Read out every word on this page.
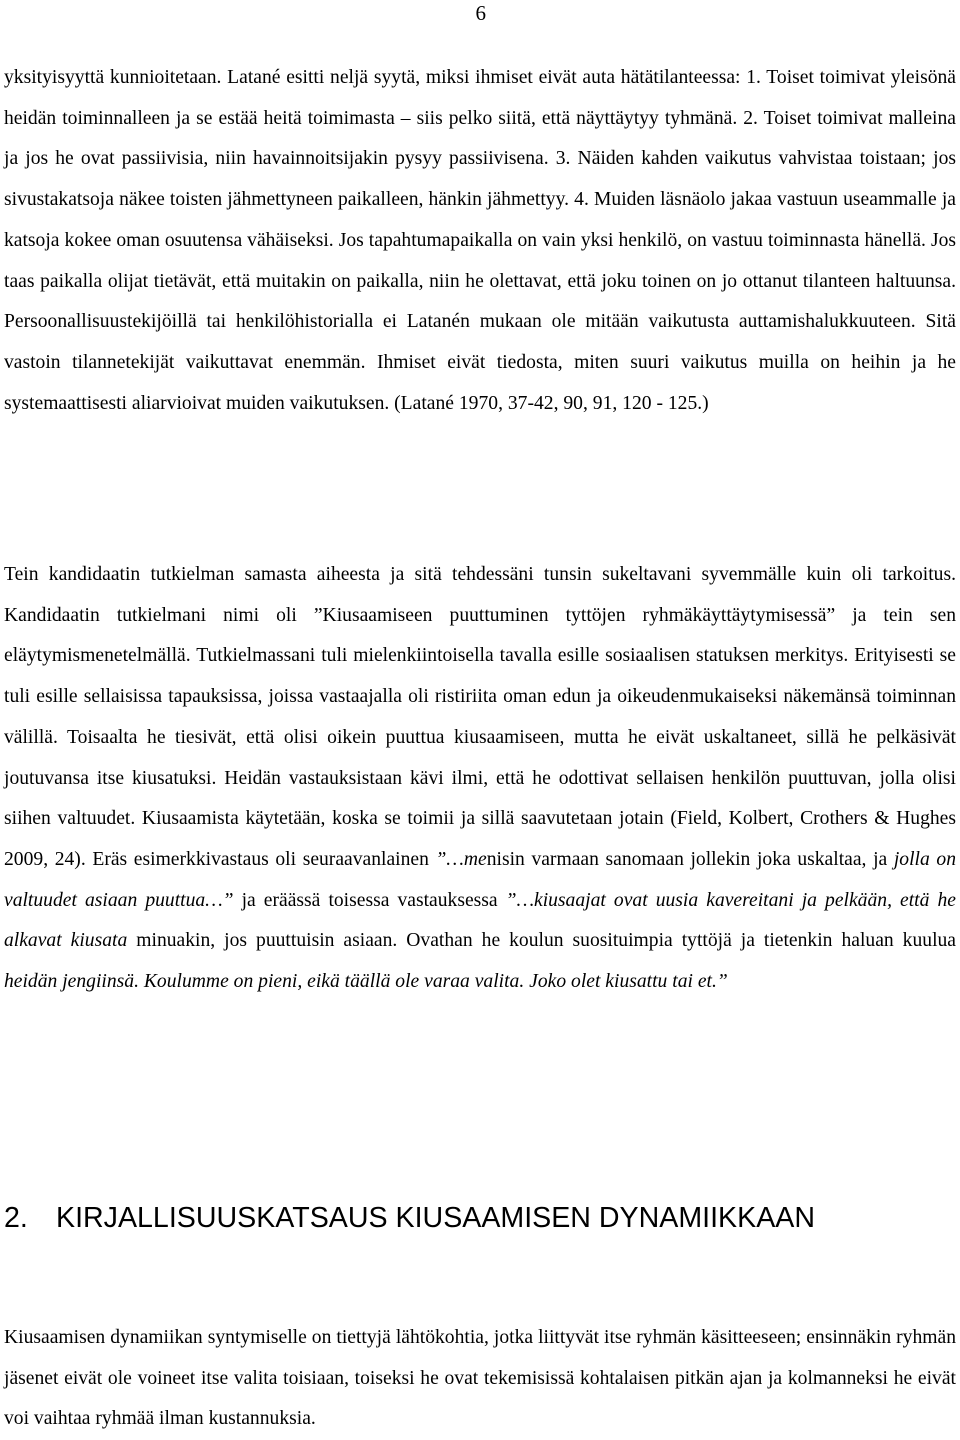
6

yksityisyyttä kunnioitetaan. Latané esitti neljä syytä, miksi ihmiset eivät auta hätätilanteessa: 1. Toiset toimivat yleisönä heidän toiminnalleen ja se estää heitä toimimasta – siis pelko siitä, että näyttäytyy tyhmänä. 2. Toiset toimivat malleina ja jos he ovat passiivisia, niin havainnoitsijakin pysyy passiivisena. 3. Näiden kahden vaikutus vahvistaa toistaan; jos sivustakatsoja näkee toisten jähmettyneen paikalleen, hänkin jähmettyy. 4. Muiden läsnäolo jakaa vastuun useammalle ja katsoja kokee oman osuutensa vähäiseksi. Jos tapahtumapaikalla on vain yksi henkilö, on vastuu toiminnasta hänellä. Jos taas paikalla olijat tietävät, että muitakin on paikalla, niin he olettavat, että joku toinen on jo ottanut tilanteen haltuunsa. Persoonallisuustekijöillä tai henkilöhistorialla ei Latanén mukaan ole mitään vaikutusta auttamishalukkuuteen. Sitä vastoin tilannetekijät vaikuttavat enemmän. Ihmiset eivät tiedosta, miten suuri vaikutus muilla on heihin ja he systemaattisesti aliarvioivat muiden vaikutuksen. (Latané 1970, 37-42, 90, 91, 120 - 125.)

Tein kandidaatin tutkielman samasta aiheesta ja sitä tehdessäni tunsin sukeltavani syvemmälle kuin oli tarkoitus. Kandidaatin tutkielmani nimi oli ”Kiusaamiseen puuttuminen tyttöjen ryhmäkäyttäytymisessä” ja tein sen eläytymismenetelmällä. Tutkielmassani tuli mielenkiintoisella tavalla esille sosiaalisen statuksen merkitys. Erityisesti se tuli esille sellaisissa tapauksissa, joissa vastaajalla oli ristiriita oman edun ja oikeudenmukaiseksi näkemänsä toiminnan välillä. Toisaalta he tiesivät, että olisi oikein puuttua kiusaamiseen, mutta he eivät uskaltaneet, sillä he pelkäsivät joutuvansa itse kiusatuksi. Heidän vastauksistaan kävi ilmi, että he odottivat sellaisen henkilön puuttuvan, jolla olisi siihen valtuudet. Kiusaamista käytetään, koska se toimii ja sillä saavutetaan jotain (Field, Kolbert, Crothers & Hughes 2009, 24). Eräs esimerkkivastaus oli seuraavanlainen ”…menisin varmaan sanomaan jollekin joka uskaltaa, ja jolla on valtuudet asiaan puuttua…” ja eräässä toisessa vastauksessa ”…kiusaajat ovat uusia kavereitani ja pelkään, että he alkavat kiusata minuakin, jos puuttuisin asiaan. Ovathan he koulun suosituimpia tyttöjä ja tietenkin haluan kuulua heidän jengiinsä. Koulumme on pieni, eikä täällä ole varaa valita. Joko olet kiusattu tai et.”

2. KIRJALLISUUSKATSAUS KIUSAAMISEN DYNAMIIKKAAN

Kiusaamisen dynamiikan syntymiselle on tiettyjä lähtökohtia, jotka liittyvät itse ryhmän käsitteeseen; ensinnäkin ryhmän jäsenet eivät ole voineet itse valita toisiaan, toiseksi he ovat tekemisissä kohtalaisen pitkän ajan ja kolmanneksi he eivät voi vaihtaa ryhmää ilman kustannuksia.
